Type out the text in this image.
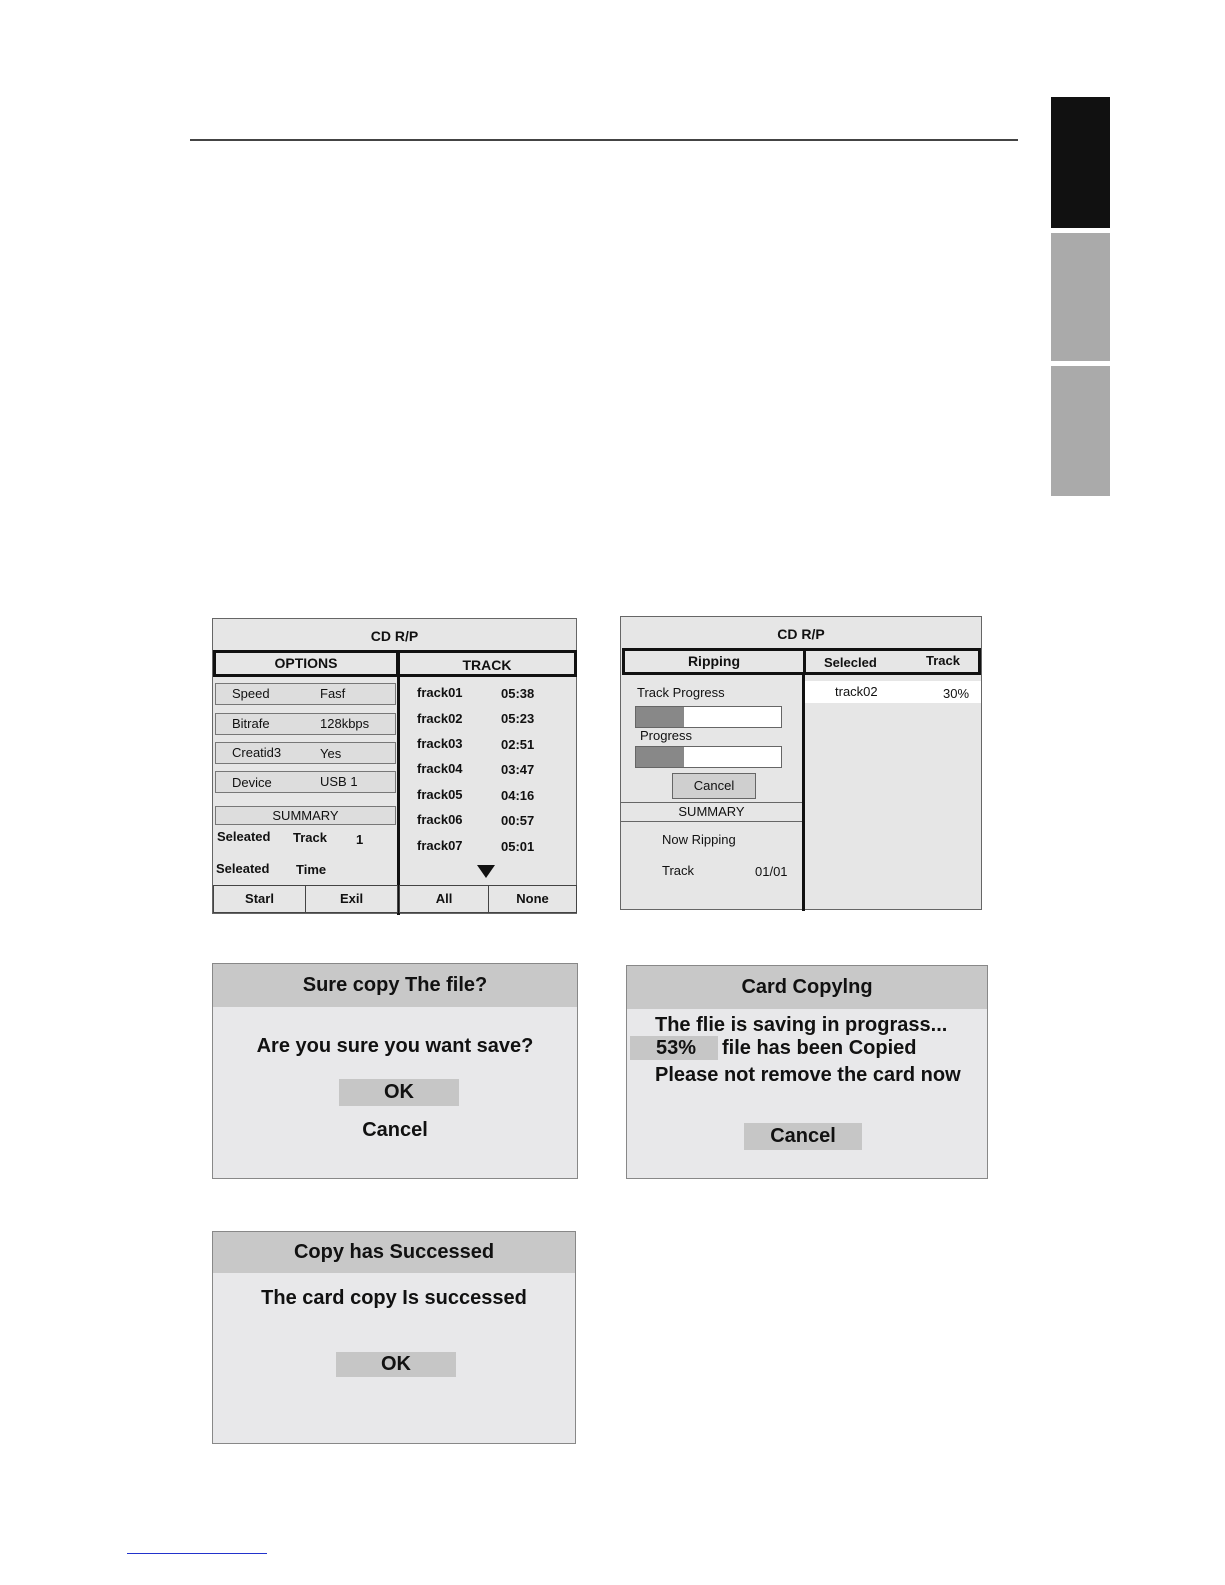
CD R/P
OPTIONS	TRACK
Speed	Fasf
Bitrafe	128kbps
Creatid3	Yes
Device	USB 1
SUMMARY
Seleated Track 1
Seleated Time
frack01	05:38
frack02	05:23
frack03	02:51
frack04	03:47
frack05	04:16
frack06	00:57
frack07	05:01
Starl	Exil	All	None
CD R/P
Ripping	Selecled	Track
Track Progress
Progress
Cancel
SUMMARY
Now Ripping
Track	01/01
track02	30%
Sure copy The file?
Are you sure you want save?
OK
Cancel
Card Copylng
The flie is saving in prograss...
53%	file has been Copied
Please not remove the card now
Cancel
Copy has Successed
The card copy Is successed
OK
